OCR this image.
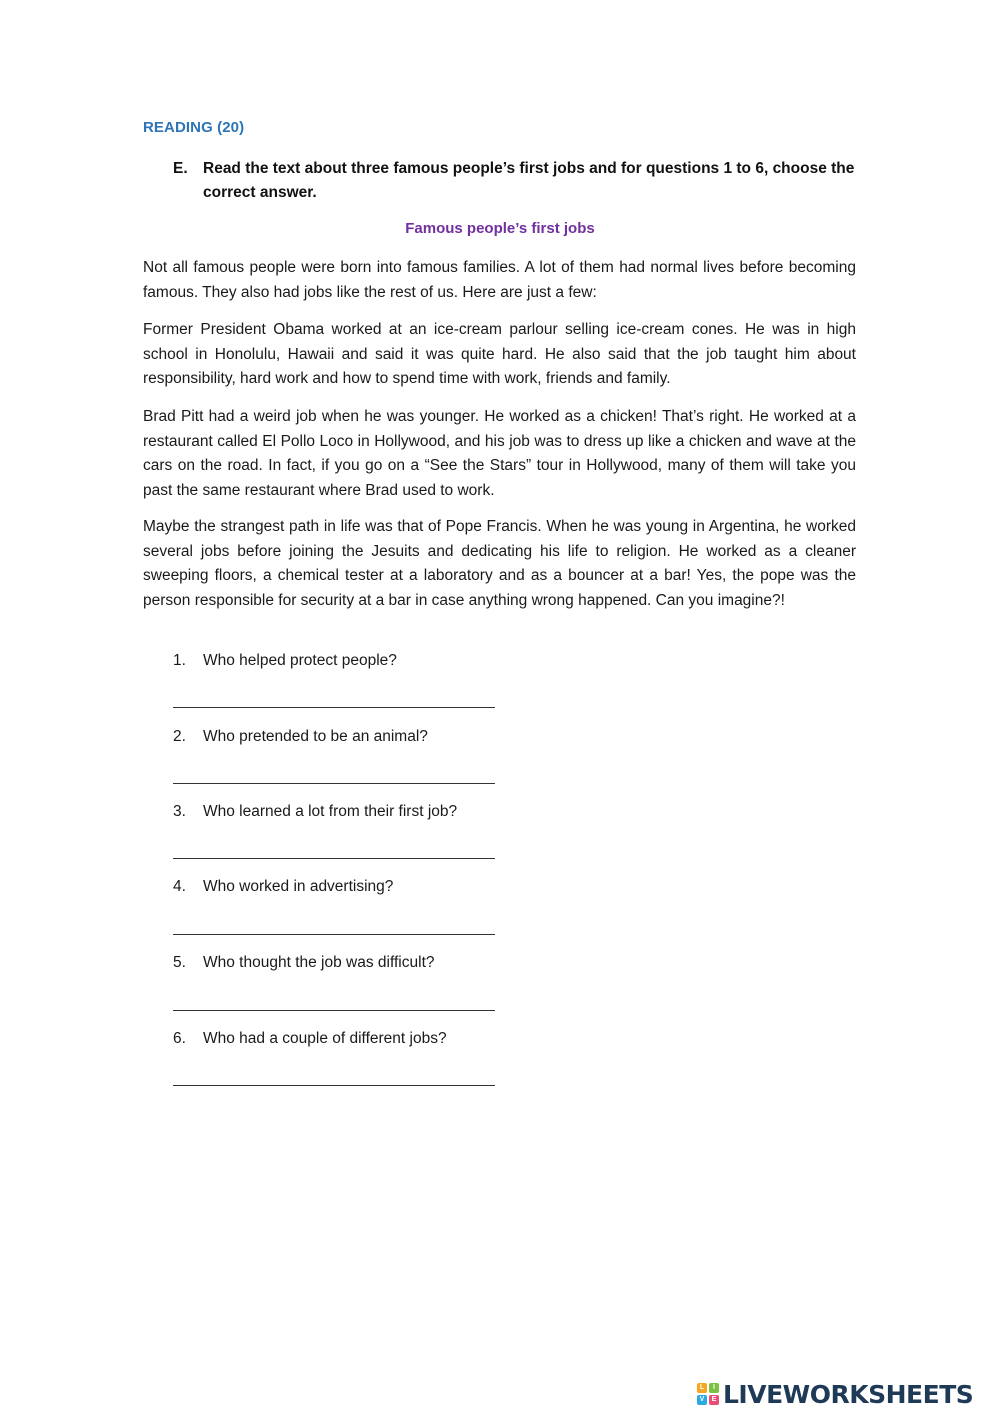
READING (20)
E. Read the text about three famous people’s first jobs and for questions 1 to 6, choose the correct answer.
Famous people’s first jobs

Not all famous people were born into famous families. A lot of them had normal lives before becoming famous. They also had jobs like the rest of us. Here are just a few:

Former President Obama worked at an ice-cream parlour selling ice-cream cones. He was in high school in Honolulu, Hawaii and said it was quite hard. He also said that the job taught him about responsibility, hard work and how to spend time with work, friends and family.

Brad Pitt had a weird job when he was younger. He worked as a chicken! That’s right. He worked at a restaurant called El Pollo Loco in Hollywood, and his job was to dress up like a chicken and wave at the cars on the road. In fact, if you go on a “See the Stars” tour in Hollywood, many of them will take you past the same restaurant where Brad used to work.

Maybe the strangest path in life was that of Pope Francis. When he was young in Argentina, he worked several jobs before joining the Jesuits and dedicating his life to religion. He worked as a cleaner sweeping floors, a chemical tester at a laboratory and as a bouncer at a bar! Yes, the pope was the person responsible for security at a bar in case anything wrong happened. Can you imagine?!

1. Who helped protect people?
2. Who pretended to be an animal?
3. Who learned a lot from their first job?
4. Who worked in advertising?
5. Who thought the job was difficult?
6. Who had a couple of different jobs?
L	I
V	E LIVEWORKSHEETS
